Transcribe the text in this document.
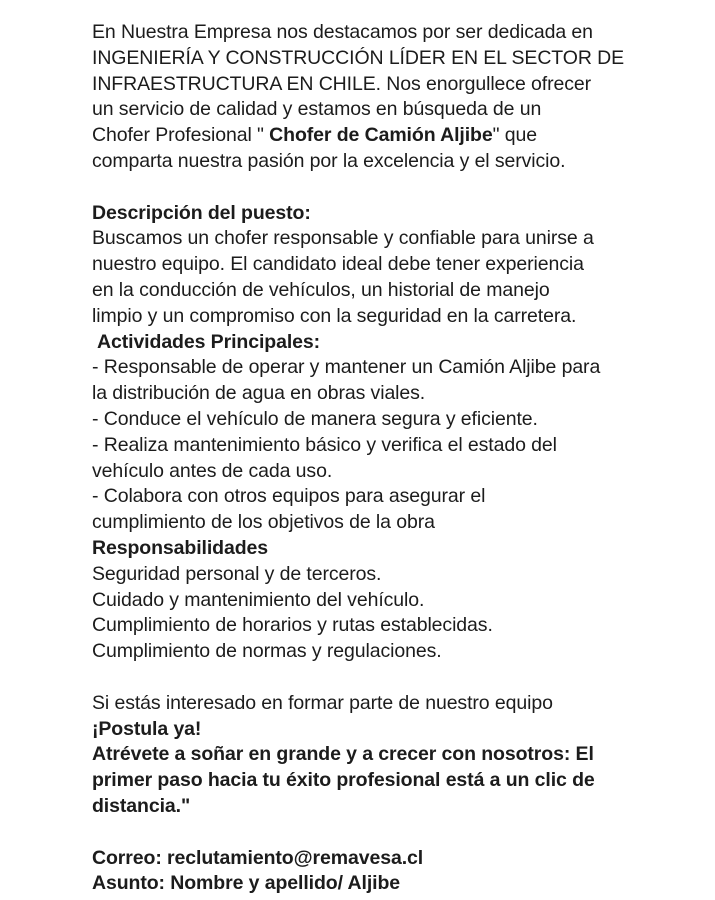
En Nuestra Empresa nos destacamos por ser dedicada en
INGENIERÍA Y CONSTRUCCIÓN LÍDER EN EL SECTOR DE
INFRAESTRUCTURA EN CHILE. Nos enorgullece ofrecer
un servicio de calidad y estamos en búsqueda de un
Chofer Profesional " Chofer de Camión Aljibe" que
comparta nuestra pasión por la excelencia y el servicio.
Descripción del puesto:
Buscamos un chofer responsable y confiable para unirse a
nuestro equipo. El candidato ideal debe tener experiencia
en la conducción de vehículos, un historial de manejo
limpio y un compromiso con la seguridad en la carretera.
Actividades Principales:
- Responsable de operar y mantener un Camión Aljibe para
la distribución de agua en obras viales.
- Conduce el vehículo de manera segura y eficiente.
- Realiza mantenimiento básico y verifica el estado del
vehículo antes de cada uso.
- Colabora con otros equipos para asegurar el
cumplimiento de los objetivos de la obra
Responsabilidades
Seguridad personal y de terceros.
Cuidado y mantenimiento del vehículo.
Cumplimiento de horarios y rutas establecidas.
Cumplimiento de normas y regulaciones.
Si estás interesado en formar parte de nuestro equipo
¡Postula ya!
Atrévete a soñar en grande y a crecer con nosotros: El
primer paso hacia tu éxito profesional está a un clic de
distancia."
Correo: reclutamiento@remavesa.cl
Asunto: Nombre y apellido/ Aljibe
